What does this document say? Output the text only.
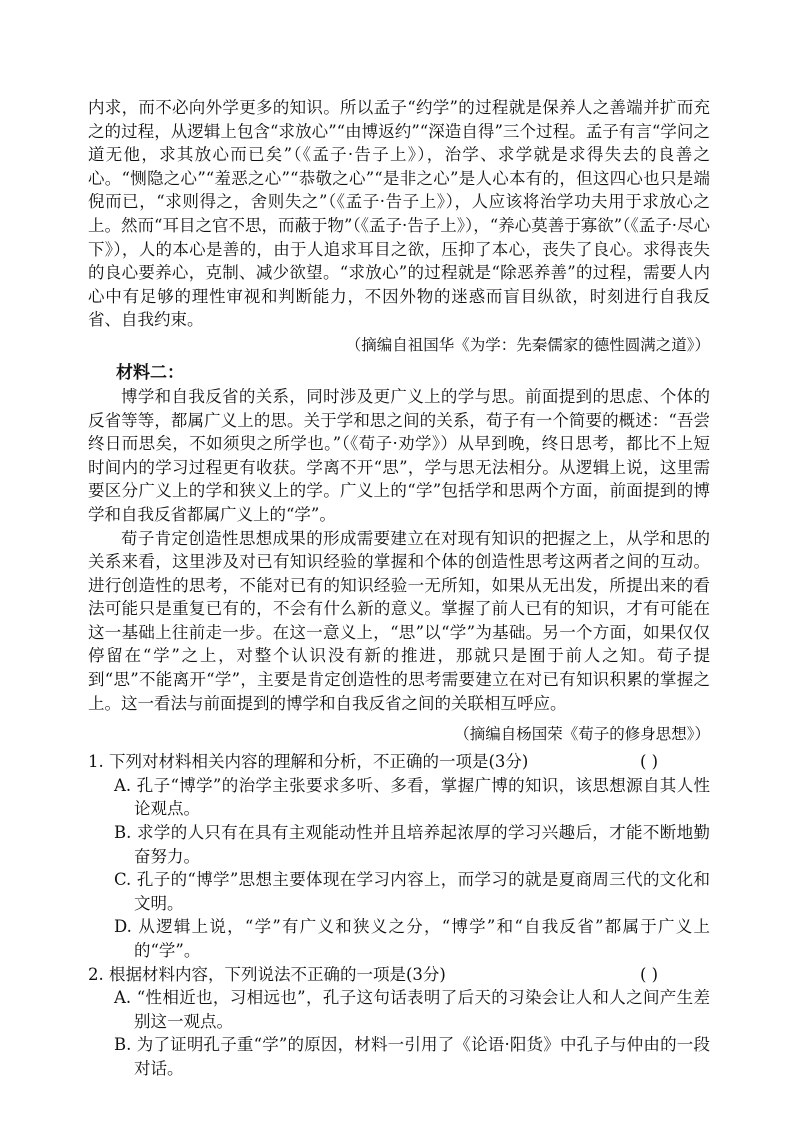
内求，而不必向外学更多的知识。所以孟子“约学”的过程就是保养人之善端并扩而充之的过程，从逻辑上包含“求放心”“由博返约”“深造自得”三个过程。孟子有言“学问之道无他，求其放心而已矣”（《孟子·告子上》），治学、求学就是求得失去的良善之心。“恻隐之心”“羞恶之心”“恭敬之心”“是非之心”是人心本有的，但这四心也只是端倪而已，“求则得之，舍则失之”（《孟子·告子上》），人应该将治学功夫用于求放心之上。然而“耳目之官不思，而蔽于物”（《孟子·告子上》），“养心莫善于寡欲”（《孟子·尽心下》），人的本心是善的，由于人追求耳目之欲，压抑了本心，丧失了良心。求得丧失的良心要养心，克制、减少欲望。“求放心”的过程就是“除恶养善”的过程，需要人内心中有足够的理性审视和判断能力，不因外物的迷惑而盲目纵欲，时刻进行自我反省、自我约束。

（摘编自祖国华《为学：先秦儒家的德性圆满之道》）

材料二：

博学和自我反省的关系，同时涉及更广义上的学与思。前面提到的思虑、个体的反省等等，都属广义上的思。关于学和思之间的关系，荀子有一个简要的概述：“吾尝终日而思矣，不如须臾之所学也。”（《荀子·劝学》）从早到晚，终日思考，都比不上短时间内的学习过程更有收获。学离不开“思”，学与思无法相分。从逻辑上说，这里需要区分广义上的学和狭义上的学。广义上的“学”包括学和思两个方面，前面提到的博学和自我反省都属广义上的“学”。

荀子肯定创造性思想成果的形成需要建立在对现有知识的把握之上，从学和思的关系来看，这里涉及对已有知识经验的掌握和个体的创造性思考这两者之间的互动。进行创造性的思考，不能对已有的知识经验一无所知，如果从无出发，所提出来的看法可能只是重复已有的，不会有什么新的意义。掌握了前人已有的知识，才有可能在这一基础上往前走一步。在这一意义上，“思”以“学”为基础。另一个方面，如果仅仅停留在“学”之上，对整个认识没有新的推进，那就只是囿于前人之知。荀子提到“思”不能离开“学”，主要是肯定创造性的思考需要建立在对已有知识积累的掌握之上。这一看法与前面提到的博学和自我反省之间的关联相互呼应。

（摘编自杨国荣《荀子的修身思想》）

1. 下列对材料相关内容的理解和分析，不正确的一项是(3分)	( )

A. 孔子“博学”的治学主张要求多听、多看，掌握广博的知识，该思想源自其人性论观点。

B. 求学的人只有在具有主观能动性并且培养起浓厚的学习兴趣后，才能不断地勤奋努力。

C. 孔子的“博学”思想主要体现在学习内容上，而学习的就是夏商周三代的文化和文明。

D. 从逻辑上说，“学”有广义和狭义之分，“博学”和“自我反省”都属于广义上的“学”。

2. 根据材料内容，下列说法不正确的一项是(3分)	( )

A. “性相近也，习相远也”，孔子这句话表明了后天的习染会让人和人之间产生差别这一观点。

B. 为了证明孔子重“学”的原因，材料一引用了《论语·阳货》中孔子与仲由的一段对话。
